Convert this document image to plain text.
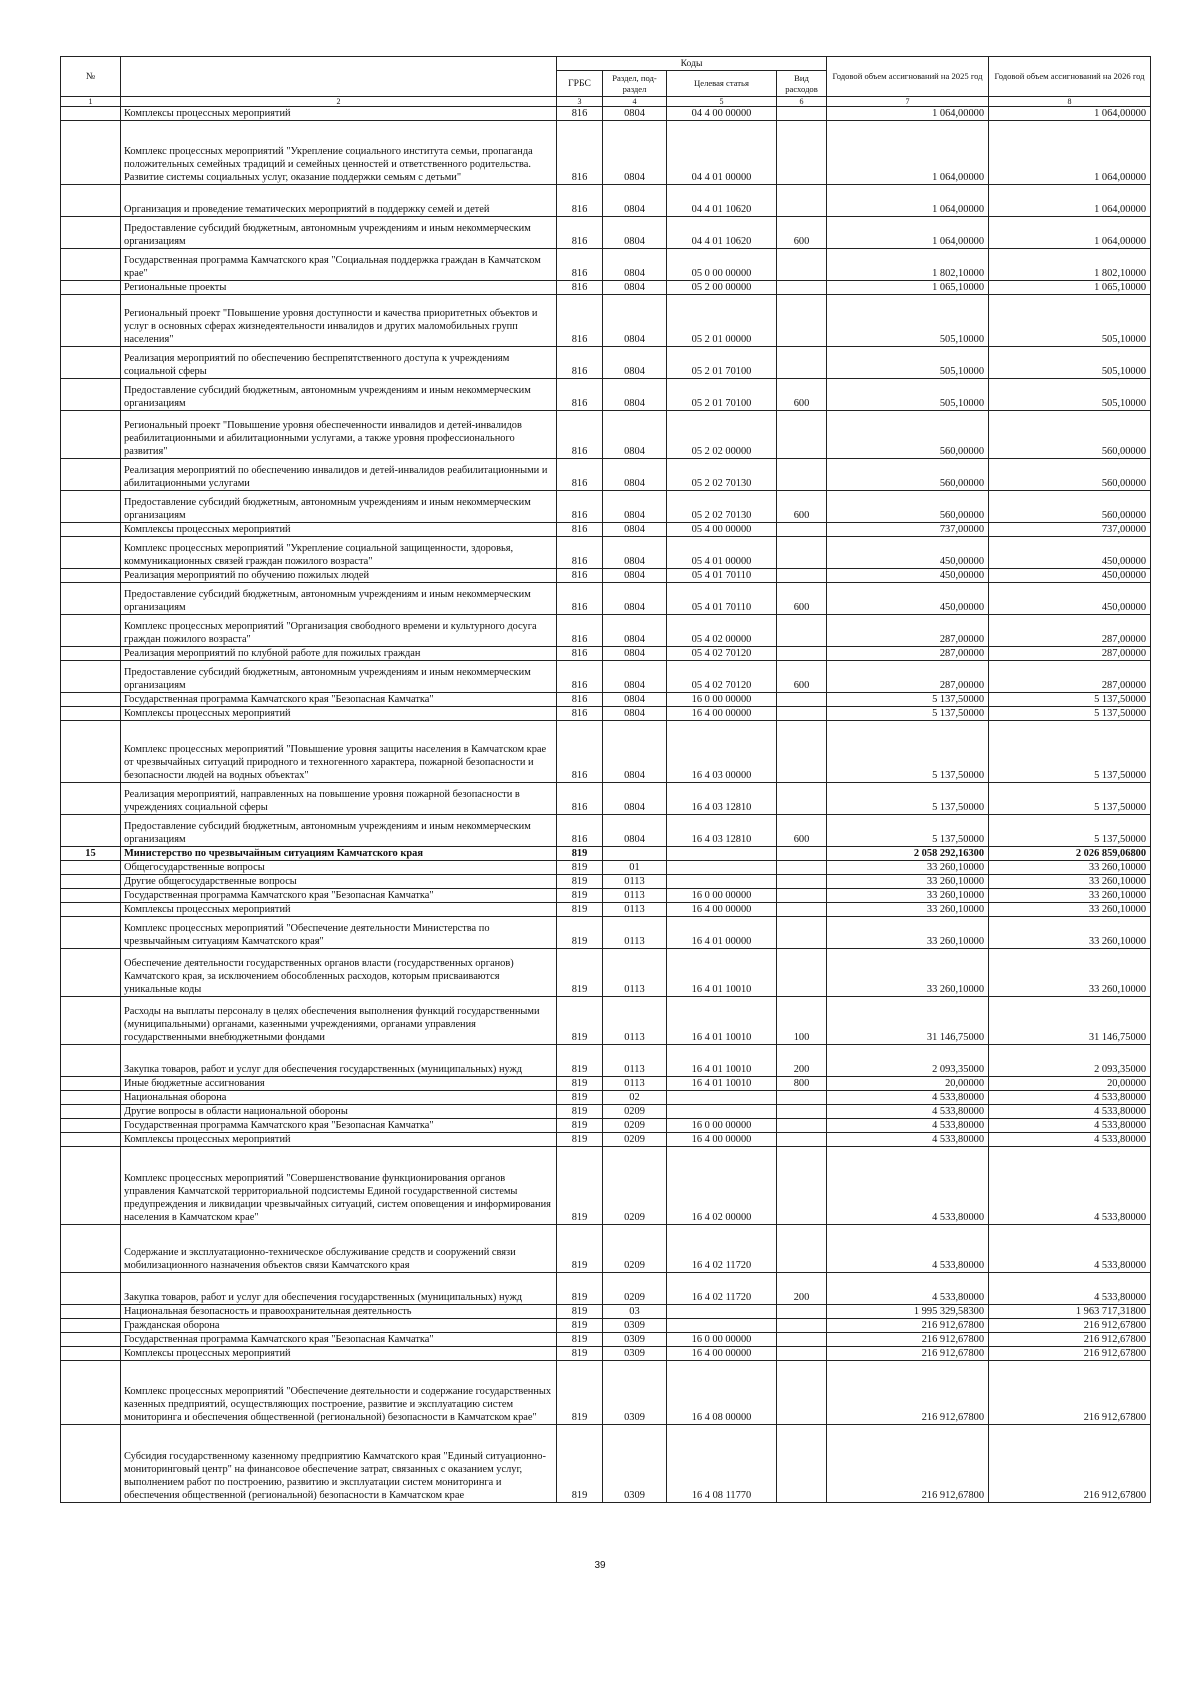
№		Коды				Годовой объем ассигнований на 2025 год	Годовой объем ассигнований на 2026 год
		ГРБС	Раздел, под-раздел	Целевая статья	Вид расходов		
1	2	3	4	5	6	7	8
	Комплексы процессных мероприятий	816	0804	04 4 00 00000		1 064,00000	1 064,00000
	Комплекс процессных мероприятий "Укрепление социального института семьи, пропаганда положительных семейных традиций и семейных ценностей и ответственного родительства. Развитие системы социальных услуг, оказание поддержки семьям с детьми"	816	0804	04 4 01 00000		1 064,00000	1 064,00000
	Организация и проведение тематических мероприятий в поддержку семей и детей	816	0804	04 4 01 10620		1 064,00000	1 064,00000
	Предоставление субсидий бюджетным, автономным учреждениям и иным некоммерческим организациям	816	0804	04 4 01 10620	600	1 064,00000	1 064,00000
	Государственная программа Камчатского края "Социальная поддержка граждан в Камчатском крае"	816	0804	05 0 00 00000		1 802,10000	1 802,10000
	Региональные проекты	816	0804	05 2 00 00000		1 065,10000	1 065,10000
	Региональный проект "Повышение уровня доступности и качества приоритетных объектов и услуг в основных сферах жизнедеятельности инвалидов и других маломобильных групп населения"	816	0804	05 2 01 00000		505,10000	505,10000
	Реализация мероприятий по обеспечению беспрепятственного доступа к учреждениям социальной сферы	816	0804	05 2 01 70100		505,10000	505,10000
	Предоставление субсидий бюджетным, автономным учреждениям и иным некоммерческим организациям	816	0804	05 2 01 70100	600	505,10000	505,10000
	Региональный проект "Повышение уровня обеспеченности инвалидов и детей-инвалидов реабилитационными и абилитационными услугами, а также уровня профессионального развития"	816	0804	05 2 02 00000		560,00000	560,00000
	Реализация мероприятий по обеспечению инвалидов и детей-инвалидов реабилитационными и абилитационными услугами	816	0804	05 2 02 70130		560,00000	560,00000
	Предоставление субсидий бюджетным, автономным учреждениям и иным некоммерческим организациям	816	0804	05 2 02 70130	600	560,00000	560,00000
	Комплексы процессных мероприятий	816	0804	05 4 00 00000		737,00000	737,00000
	Комплекс процессных мероприятий "Укрепление социальной защищенности, здоровья, коммуникационных связей граждан пожилого возраста"	816	0804	05 4 01 00000		450,00000	450,00000
	Реализация мероприятий по обучению пожилых людей	816	0804	05 4 01 70110		450,00000	450,00000
	Предоставление субсидий бюджетным, автономным учреждениям и иным некоммерческим организациям	816	0804	05 4 01 70110	600	450,00000	450,00000
	Комплекс процессных мероприятий "Организация свободного времени и культурного досуга граждан пожилого возраста"	816	0804	05 4 02 00000		287,00000	287,00000
	Реализация мероприятий по клубной работе для пожилых граждан	816	0804	05 4 02 70120		287,00000	287,00000
	Предоставление субсидий бюджетным, автономным учреждениям и иным некоммерческим организациям	816	0804	05 4 02 70120	600	287,00000	287,00000
	Государственная программа Камчатского края "Безопасная Камчатка"	816	0804	16 0 00 00000		5 137,50000	5 137,50000
	Комплексы процессных мероприятий	816	0804	16 4 00 00000		5 137,50000	5 137,50000
	Комплекс процессных мероприятий "Повышение уровня защиты населения в Камчатском крае от чрезвычайных ситуаций природного и техногенного характера, пожарной безопасности и безопасности людей на водных объектах"	816	0804	16 4 03 00000		5 137,50000	5 137,50000
	Реализация мероприятий, направленных на повышение уровня пожарной безопасности в учреждениях социальной сферы	816	0804	16 4 03 12810		5 137,50000	5 137,50000
	Предоставление субсидий бюджетным, автономным учреждениям и иным некоммерческим организациям	816	0804	16 4 03 12810	600	5 137,50000	5 137,50000
15	Министерство по чрезвычайным ситуациям Камчатского края	819				2 058 292,16300	2 026 859,06800
	Общегосударственные вопросы	819	01			33 260,10000	33 260,10000
	Другие общегосударственные вопросы	819	0113			33 260,10000	33 260,10000
	Государственная программа Камчатского края "Безопасная Камчатка"	819	0113	16 0 00 00000		33 260,10000	33 260,10000
	Комплексы процессных мероприятий	819	0113	16 4 00 00000		33 260,10000	33 260,10000
	Комплекс процессных мероприятий "Обеспечение деятельности Министерства по чрезвычайным ситуациям Камчатского края"	819	0113	16 4 01 00000		33 260,10000	33 260,10000
	Обеспечение деятельности государственных органов власти (государственных органов) Камчатского края, за исключением обособленных расходов, которым присваиваются уникальные коды	819	0113	16 4 01 10010		33 260,10000	33 260,10000
	Расходы на выплаты персоналу в целях обеспечения выполнения функций государственными (муниципальными) органами, казенными учреждениями, органами управления государственными внебюджетными фондами	819	0113	16 4 01 10010	100	31 146,75000	31 146,75000
	Закупка товаров, работ и услуг для обеспечения государственных (муниципальных) нужд	819	0113	16 4 01 10010	200	2 093,35000	2 093,35000
	Иные бюджетные ассигнования	819	0113	16 4 01 10010	800	20,00000	20,00000
	Национальная оборона	819	02			4 533,80000	4 533,80000
	Другие вопросы в области национальной обороны	819	0209			4 533,80000	4 533,80000
	Государственная программа Камчатского края "Безопасная Камчатка"	819	0209	16 0 00 00000		4 533,80000	4 533,80000
	Комплексы процессных мероприятий	819	0209	16 4 00 00000		4 533,80000	4 533,80000
	Комплекс процессных мероприятий "Совершенствование функционирования органов управления Камчатской территориальной подсистемы Единой государственной системы предупреждения и ликвидации чрезвычайных ситуаций, систем оповещения и информирования населения в Камчатском крае"	819	0209	16 4 02 00000		4 533,80000	4 533,80000
	Содержание и эксплуатационно-техническое обслуживание средств и сооружений связи мобилизационного назначения объектов связи Камчатского края	819	0209	16 4 02 11720		4 533,80000	4 533,80000
	Закупка товаров, работ и услуг для обеспечения государственных (муниципальных) нужд	819	0209	16 4 02 11720	200	4 533,80000	4 533,80000
	Национальная безопасность и правоохранительная деятельность	819	03			1 995 329,58300	1 963 717,31800
	Гражданская оборона	819	0309			216 912,67800	216 912,67800
	Государственная программа Камчатского края "Безопасная Камчатка"	819	0309	16 0 00 00000		216 912,67800	216 912,67800
	Комплексы процессных мероприятий	819	0309	16 4 00 00000		216 912,67800	216 912,67800
	Комплекс процессных мероприятий "Обеспечение деятельности и содержание государственных казенных предприятий, осуществляющих построение, развитие и эксплуатацию систем мониторинга и обеспечения общественной (региональной) безопасности в Камчатском крае"	819	0309	16 4 08 00000		216 912,67800	216 912,67800
	Субсидия государственному казенному предприятию Камчатского края "Единый ситуационно-мониторинговый центр" на финансовое обеспечение затрат, связанных с оказанием услуг, выполнением работ по построению, развитию и эксплуатации систем мониторинга и обеспечения общественной (региональной) безопасности в Камчатском крае	819	0309	16 4 08 11770		216 912,67800	216 912,67800
39
